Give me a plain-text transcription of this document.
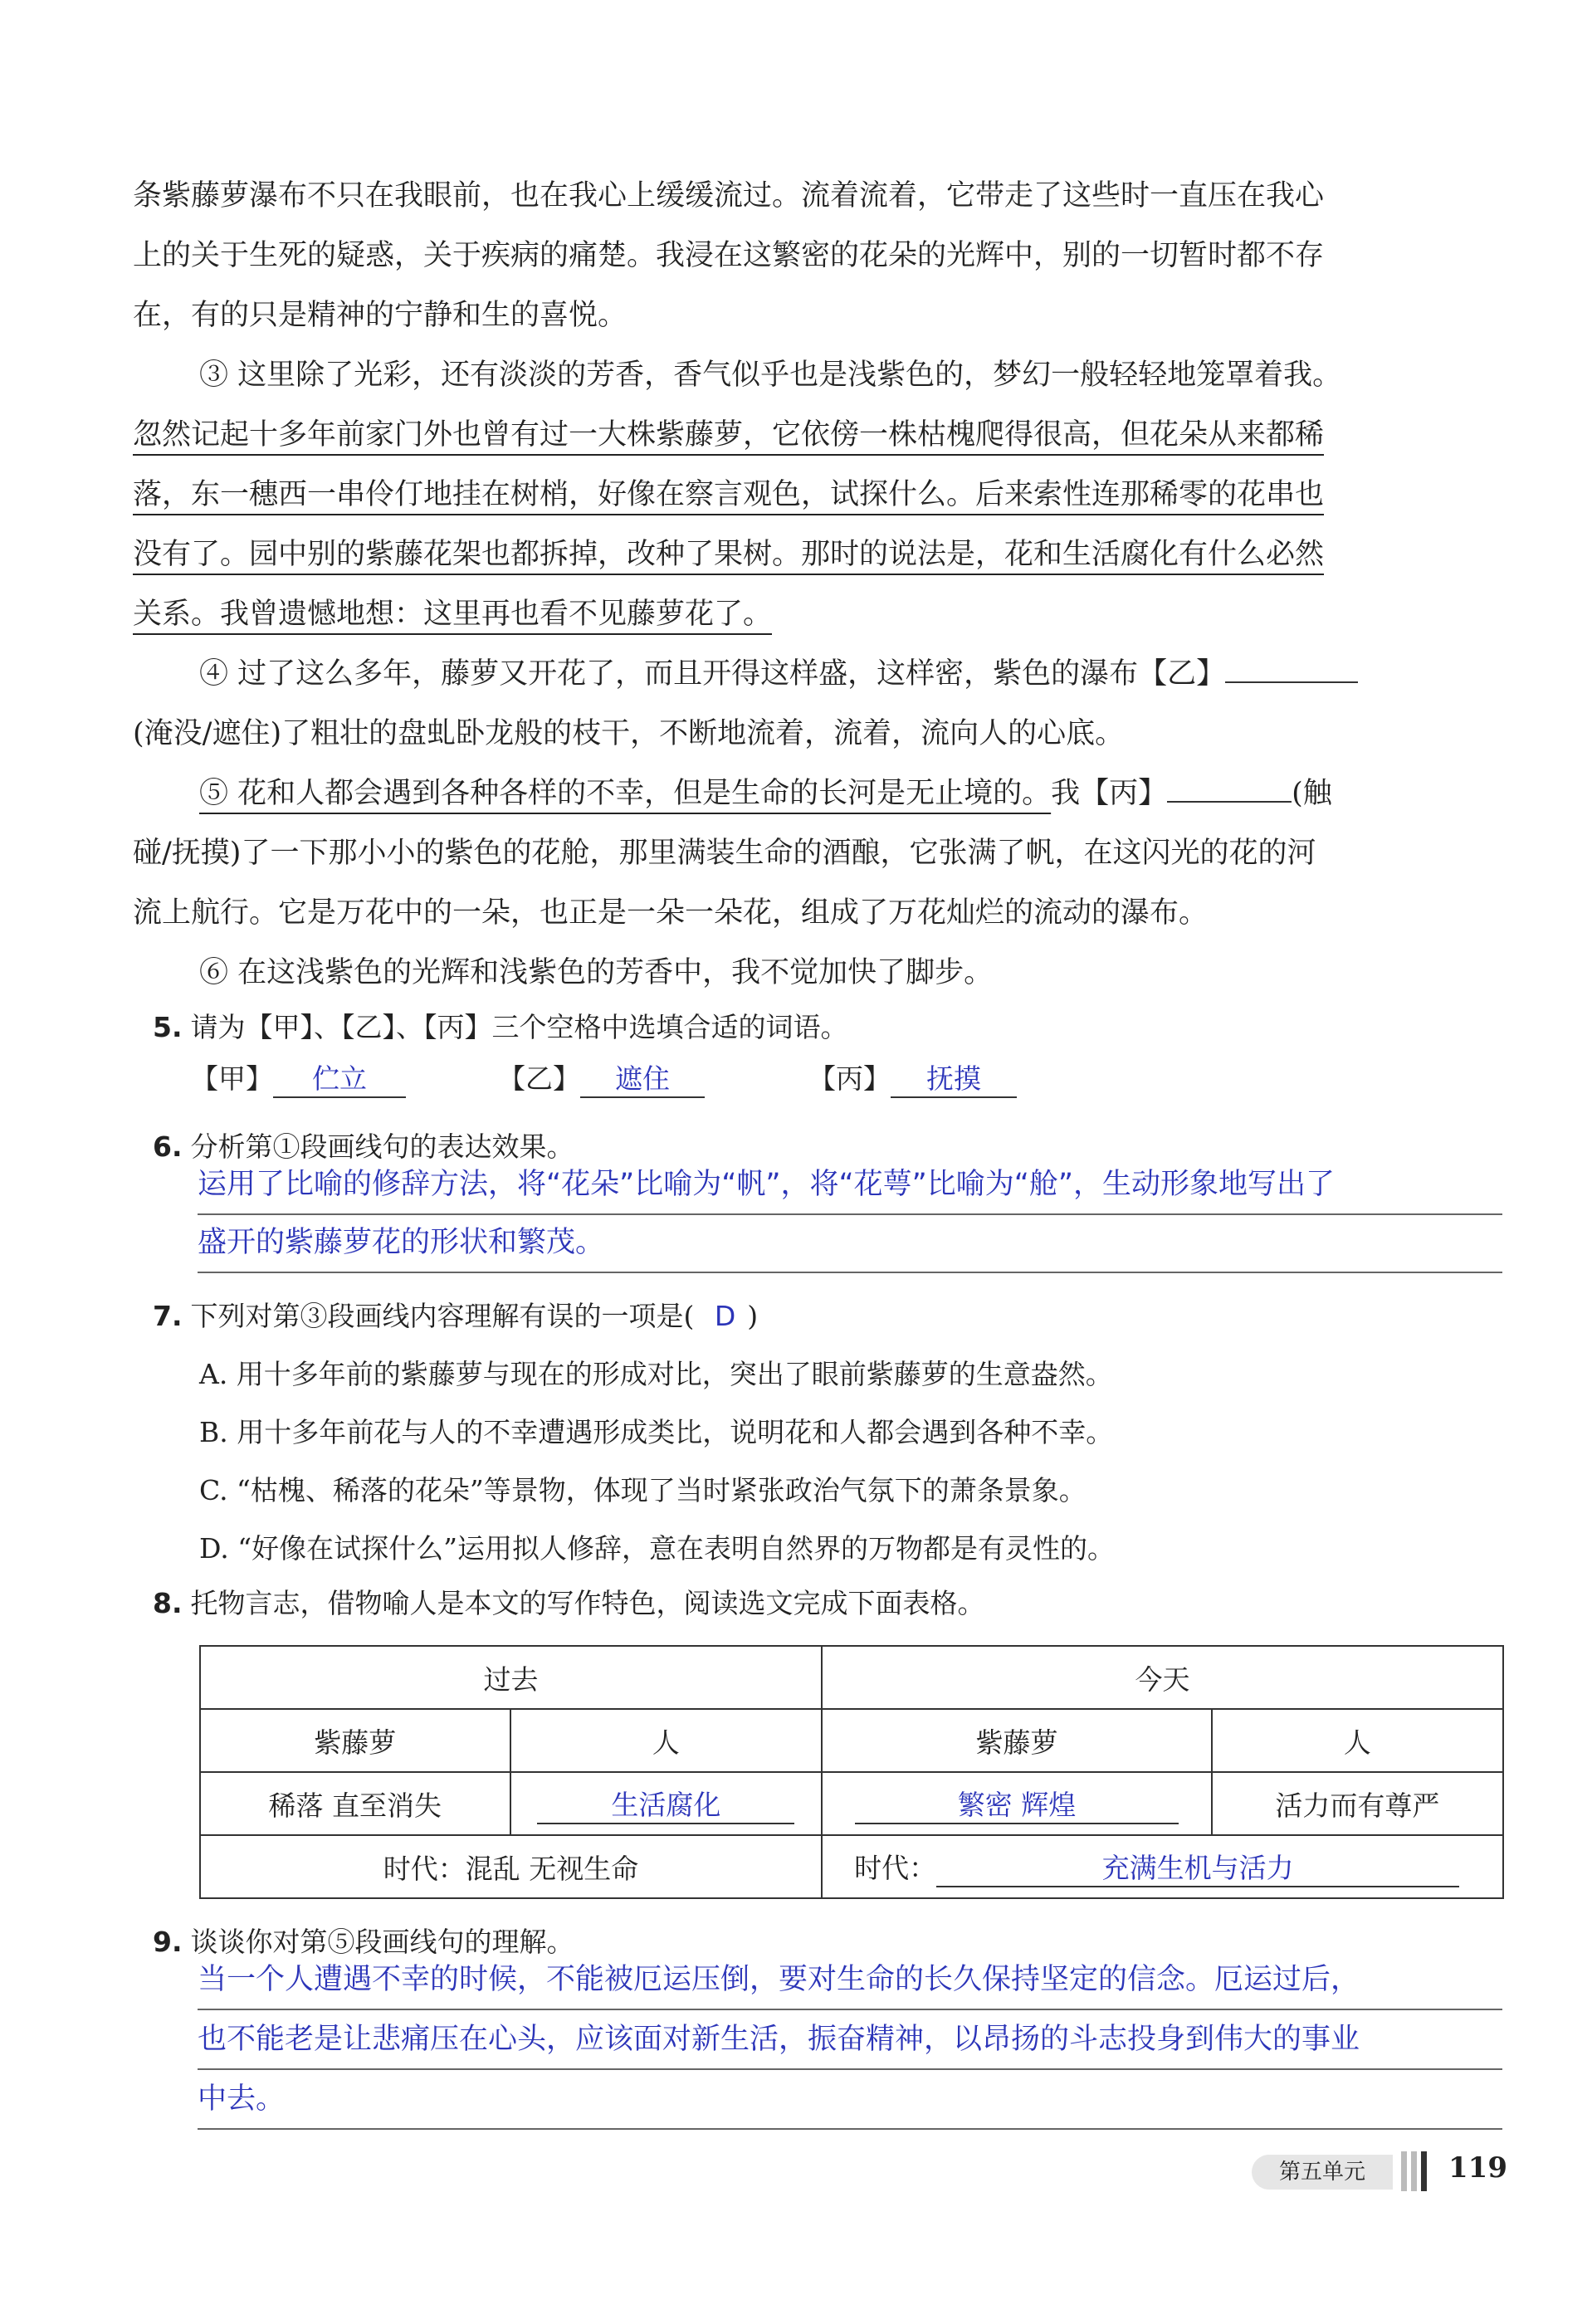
条紫藤萝瀑布不只在我眼前，也在我心上缓缓流过。流着流着，它带走了这些时一直压在我心
上的关于生死的疑惑，关于疾病的痛楚。我浸在这繁密的花朵的光辉中，别的一切暂时都不存
在，有的只是精神的宁静和生的喜悦。
③ 这里除了光彩，还有淡淡的芳香，香气似乎也是浅紫色的，梦幻一般轻轻地笼罩着我。
忽然记起十多年前家门外也曾有过一大株紫藤萝，它依傍一株枯槐爬得很高，但花朵从来都稀
落，东一穗西一串伶仃地挂在树梢，好像在察言观色，试探什么。后来索性连那稀零的花串也
没有了。园中别的紫藤花架也都拆掉，改种了果树。那时的说法是，花和生活腐化有什么必然
关系。我曾遗憾地想：这里再也看不见藤萝花了。
④ 过了这么多年，藤萝又开花了，而且开得这样盛，这样密，紫色的瀑布【乙】
(淹没/遮住)了粗壮的盘虬卧龙般的枝干，不断地流着，流着，流向人的心底。
⑤ 花和人都会遇到各种各样的不幸，但是生命的长河是无止境的。我【丙】	(触
碰/抚摸)了一下那小小的紫色的花舱，那里满装生命的酒酿，它张满了帆，在这闪光的花的河
流上航行。它是万花中的一朵，也正是一朵一朵花，组成了万花灿烂的流动的瀑布。
⑥ 在这浅紫色的光辉和浅紫色的芳香中，我不觉加快了脚步。
5. 请为【甲】、【乙】、【丙】三个空格中选填合适的词语。
【甲】 伫立	【乙】 遮住	【丙】 抚摸
6. 分析第①段画线句的表达效果。
运用了比喻的修辞方法，将“花朵”比喻为“帆”，将“花萼”比喻为“舱”，生动形象地写出了
盛开的紫藤萝花的形状和繁茂。
7. 下列对第③段画线内容理解有误的一项是( D )
A. 用十多年前的紫藤萝与现在的形成对比，突出了眼前紫藤萝的生意盎然。
B. 用十多年前花与人的不幸遭遇形成类比，说明花和人都会遇到各种不幸。
C. “枯槐、稀落的花朵”等景物，体现了当时紧张政治气氛下的萧条景象。
D. “好像在试探什么”运用拟人修辞，意在表明自然界的万物都是有灵性的。
8. 托物言志，借物喻人是本文的写作特色，阅读选文完成下面表格。
过去		今天	
紫藤萝	人	紫藤萝	人
稀落 直至消失	生活腐化	繁密 辉煌	活力而有尊严
时代：混乱 无视生命		时代： 充满生机与活力	
9. 谈谈你对第⑤段画线句的理解。
当一个人遭遇不幸的时候，不能被厄运压倒，要对生命的长久保持坚定的信念。厄运过后，
也不能老是让悲痛压在心头，应该面对新生活，振奋精神，以昂扬的斗志投身到伟大的事业
中去。
第五单元	119
